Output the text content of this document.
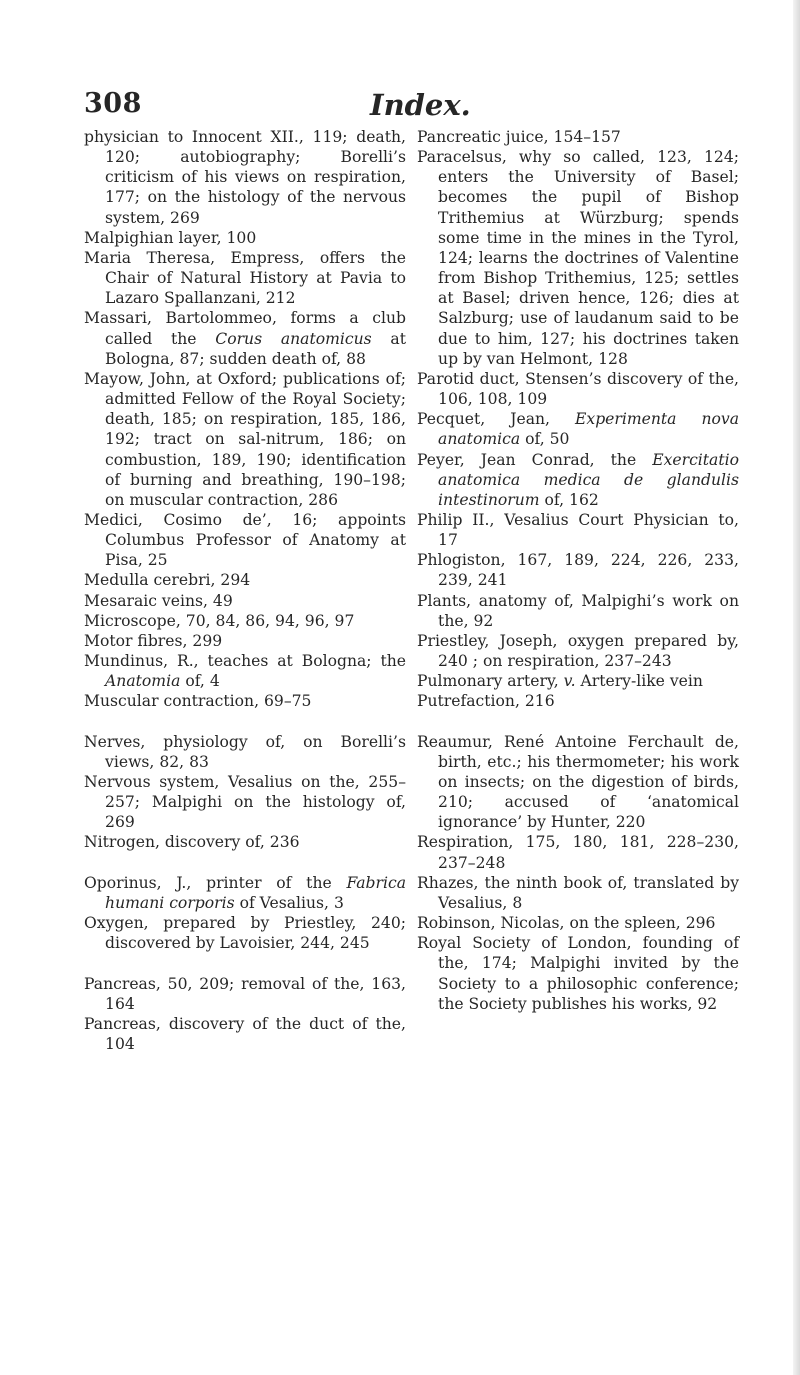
308	Index.

physician to Innocent XII., 119; death, 120; autobiography; Borelli’s criticism of his views on respiration, 177; on the histology of the nervous system, 269

Malpighian layer, 100

Maria Theresa, Empress, offers the Chair of Natural History at Pavia to Lazaro Spallanzani, 212

Massari, Bartolommeo, forms a club called the Corus anatomicus at Bologna, 87; sudden death of, 88

Mayow, John, at Oxford; publications of; admitted Fellow of the Royal Society; death, 185; on respiration, 185, 186, 192; tract on sal-nitrum, 186; on combustion, 189, 190; identification of burning and breathing, 190–198; on muscular contraction, 286

Medici, Cosimo de’, 16; appoints Columbus Professor of Anatomy at Pisa, 25

Medulla cerebri, 294

Mesaraic veins, 49

Microscope, 70, 84, 86, 94, 96, 97

Motor fibres, 299

Mundinus, R., teaches at Bologna; the Anatomia of, 4

Muscular contraction, 69–75

Nerves, physiology of, on Borelli’s views, 82, 83

Nervous system, Vesalius on the, 255–257; Malpighi on the histology of, 269

Nitrogen, discovery of, 236

Oporinus, J., printer of the Fabrica humani corporis of Vesalius, 3

Oxygen, prepared by Priestley, 240; discovered by Lavoisier, 244, 245

Pancreas, 50, 209; removal of the, 163, 164

Pancreas, discovery of the duct of the, 104

Pancreatic juice, 154–157

Paracelsus, why so called, 123, 124; enters the University of Basel; becomes the pupil of Bishop Trithemius at Würzburg; spends some time in the mines in the Tyrol, 124; learns the doctrines of Valentine from Bishop Trithemius, 125; settles at Basel; driven hence, 126; dies at Salzburg; use of laudanum said to be due to him, 127; his doctrines taken up by van Helmont, 128

Parotid duct, Stensen’s discovery of the, 106, 108, 109

Pecquet, Jean, Experimenta nova anatomica of, 50

Peyer, Jean Conrad, the Exercitatio anatomica medica de glandulis intestinorum of, 162

Philip II., Vesalius Court Physician to, 17

Phlogiston, 167, 189, 224, 226, 233, 239, 241

Plants, anatomy of, Malpighi’s work on the, 92

Priestley, Joseph, oxygen prepared by, 240 ; on respiration, 237–243

Pulmonary artery, v. Artery-like vein

Putrefaction, 216

Reaumur, René Antoine Ferchault de, birth, etc.; his thermometer; his work on insects; on the digestion of birds, 210; accused of ‘anatomical ignorance’ by Hunter, 220

Respiration, 175, 180, 181, 228–230, 237–248

Rhazes, the ninth book of, translated by Vesalius, 8

Robinson, Nicolas, on the spleen, 296

Royal Society of London, founding of the, 174; Malpighi invited by the Society to a philosophic conference; the Society publishes his works, 92
